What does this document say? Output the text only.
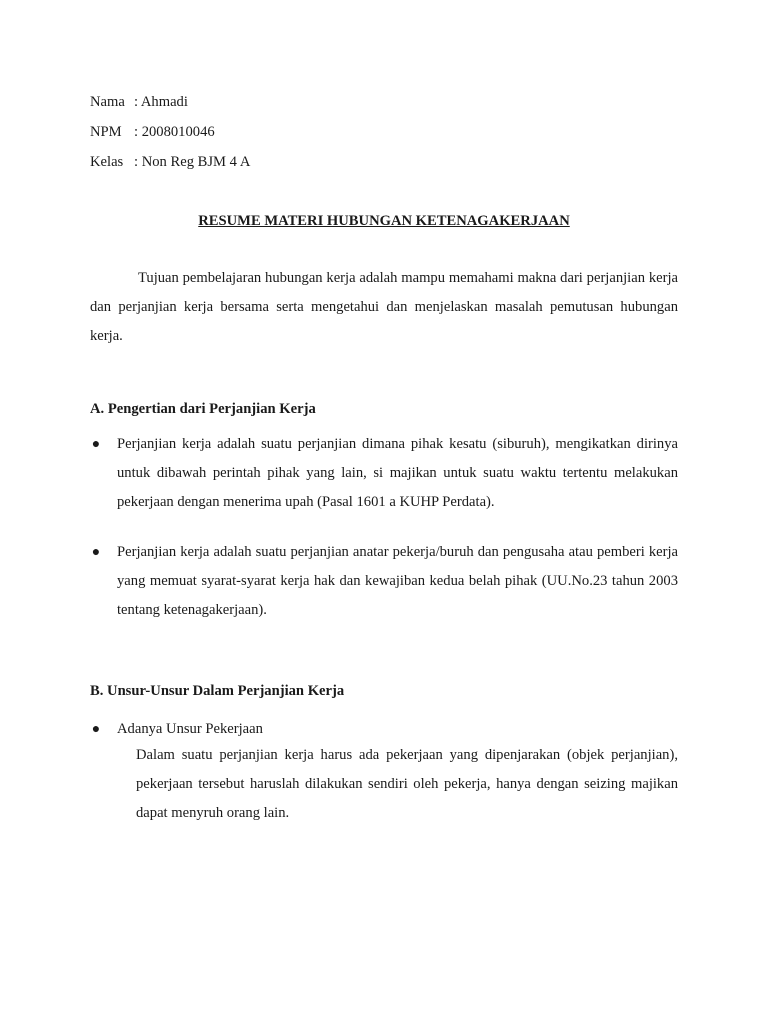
Nama : Ahmadi
NPM : 2008010046
Kelas : Non Reg BJM 4 A
RESUME MATERI HUBUNGAN KETENAGAKERJAAN
Tujuan pembelajaran hubungan kerja adalah mampu memahami makna dari perjanjian kerja dan perjanjian kerja bersama serta mengetahui dan menjelaskan masalah pemutusan hubungan kerja.
A. Pengertian dari Perjanjian Kerja
● Perjanjian kerja adalah suatu perjanjian dimana pihak kesatu (siburuh), mengikatkan dirinya untuk dibawah perintah pihak yang lain, si majikan untuk suatu waktu tertentu melakukan pekerjaan dengan menerima upah (Pasal 1601 a KUHP Perdata).
● Perjanjian kerja adalah suatu perjanjian anatar pekerja/buruh dan pengusaha atau pemberi kerja yang memuat syarat-syarat kerja hak dan kewajiban kedua belah pihak (UU.No.23 tahun 2003 tentang ketenagakerjaan).
B. Unsur-Unsur Dalam Perjanjian Kerja
● Adanya Unsur Pekerjaan
Dalam suatu perjanjian kerja harus ada pekerjaan yang dipenjarakan (objek perjanjian), pekerjaan tersebut haruslah dilakukan sendiri oleh pekerja, hanya dengan seizing majikan dapat menyruh orang lain.
